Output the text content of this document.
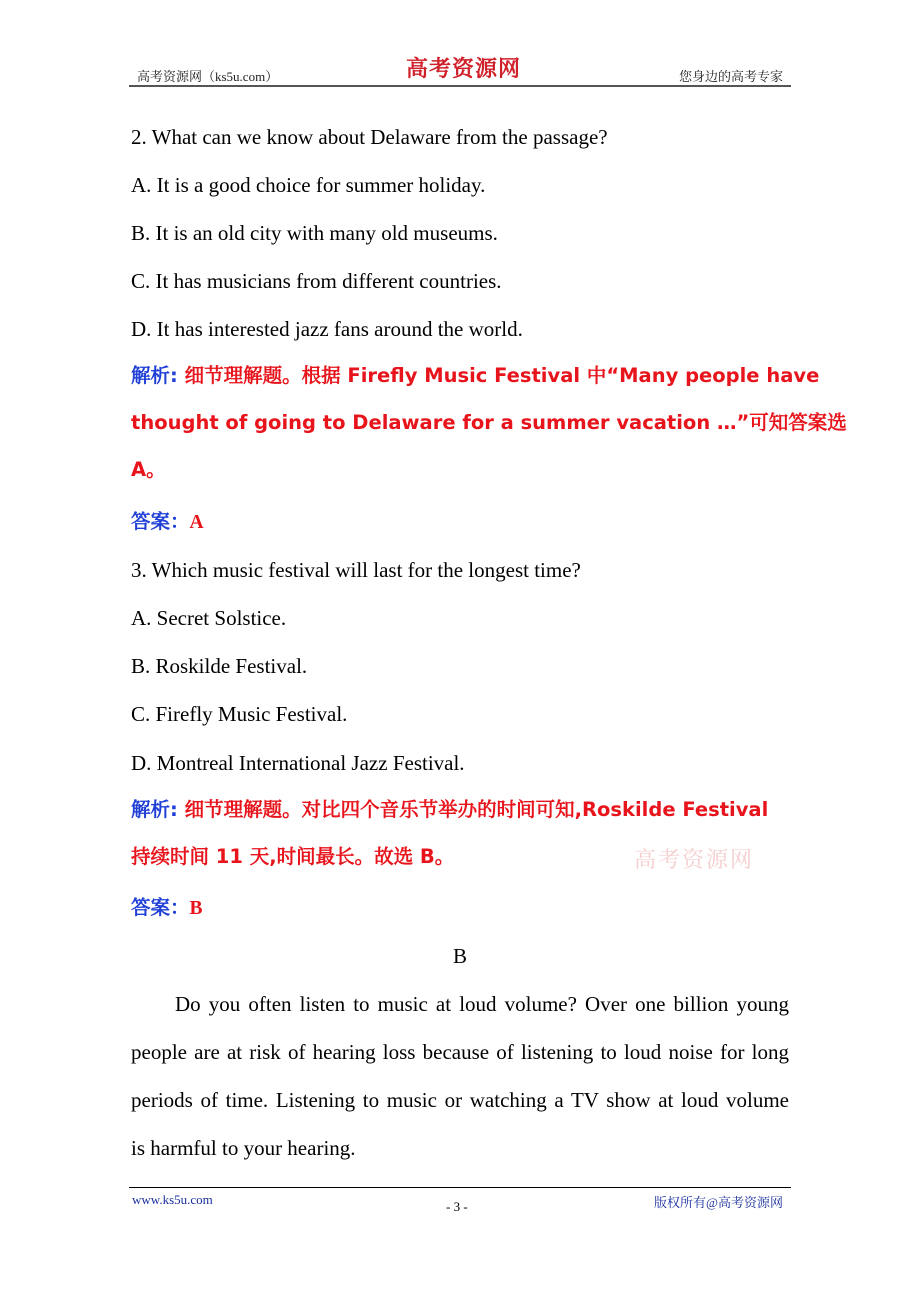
高考资源网（ks5u.com）	高考资源网	您身边的高考专家
2. What can we know about Delaware from the passage?
A. It is a good choice for summer holiday.
B. It is an old city with many old museums.
C. It has musicians from different countries.
D. It has interested jazz fans around the world.
解析: 细节理解题。根据 Firefly Music Festival 中“Many people have
thought of going to Delaware for a summer vacation …”可知答案选
A。
答案：A
3. Which music festival will last for the longest time?
A. Secret Solstice.
B. Roskilde Festival.
C. Firefly Music Festival.
D. Montreal International Jazz Festival.
解析: 细节理解题。对比四个音乐节举办的时间可知,Roskilde Festival
持续时间 11 天,时间最长。故选 B。	高考资源网
答案：B
B
Do you often listen to music at loud volume? Over one billion young
people are at risk of hearing loss because of listening to loud noise for long
periods of time. Listening to music or watching a TV show at loud volume
is harmful to your hearing.
www.ks5u.com	- 3 -	版权所有@高考资源网
